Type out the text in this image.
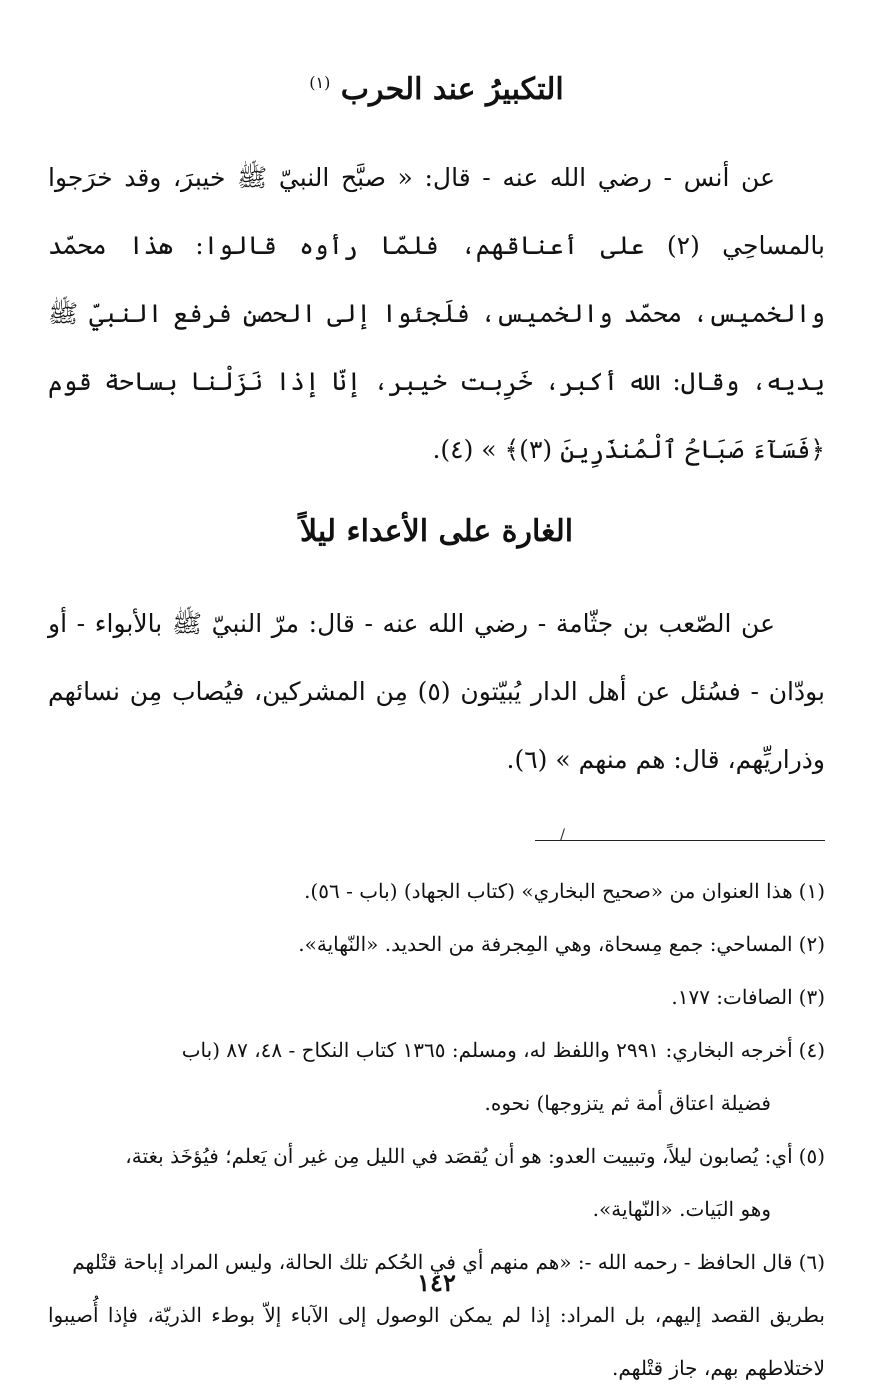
التكبيرُ عند الحرب $^{(١)}$

عن أنس - رضي الله عنه - قال: « صبَّح النبيّ ﷺ خيبرَ، وقد خرَجوا بالمساحِي (٢) على أعناقهم، فلمّا رأوه قالوا: هذا محمّد والخميس، محمّد والخميس، فلَجئوا إلى الحصن فرفع النبيّ ﷺ يديه، وقال: الله أكبر، خَرِبت خيبر، إنّا إذا نَزَلْنا بساحة قوم ﴿فَسَآءَ صَبَاحُ ٱلْمُنذَرِينَ (٣)﴾ » (٤).

الغارة على الأعداء ليلاً

عن الصّعب بن جثّامة - رضي الله عنه - قال: مرّ النبيّ ﷺ بالأبواء - أو بودّان - فسُئل عن أهل الدار يُبيّتون (٥) مِن المشركين، فيُصاب مِن نسائهم وذراريِّهم، قال: هم منهم » (٦).

/

(١)هذا العنوان من «صحيح البخاري» (كتاب الجهاد) (باب - ٥٦).

(٢)المساحي: جمع مِسحاة، وهي المِجرفة من الحديد. «النّهاية».

(٣)الصافات: ١٧٧.

(٤)أخرجه البخاري: ٢٩٩١ واللفظ له، ومسلم: ١٣٦٥ كتاب النكاح - ٤٨، ٨٧ (باب

فضيلة اعتاق أمة ثم يتزوجها) نحوه.

(٥)أي: يُصابون ليلاً، وتبييت العدو: هو أن يُقصَد في الليل مِن غير أن يَعلم؛ فيُؤخَذ بغتة،

وهو البَيات. «النّهاية».

(٦)قال الحافظ - رحمه الله -: «هم منهم أي في الحُكم تلك الحالة، وليس المراد إباحة قتْلهم

بطريق القصد إليهم، بل المراد: إذا لم يمكن الوصول إلى الآباء إلاّ بوطء الذريّة، فإذا أُصيبوا لاختلاطهم بهم، جاز قتْلهم.

١٤٢
